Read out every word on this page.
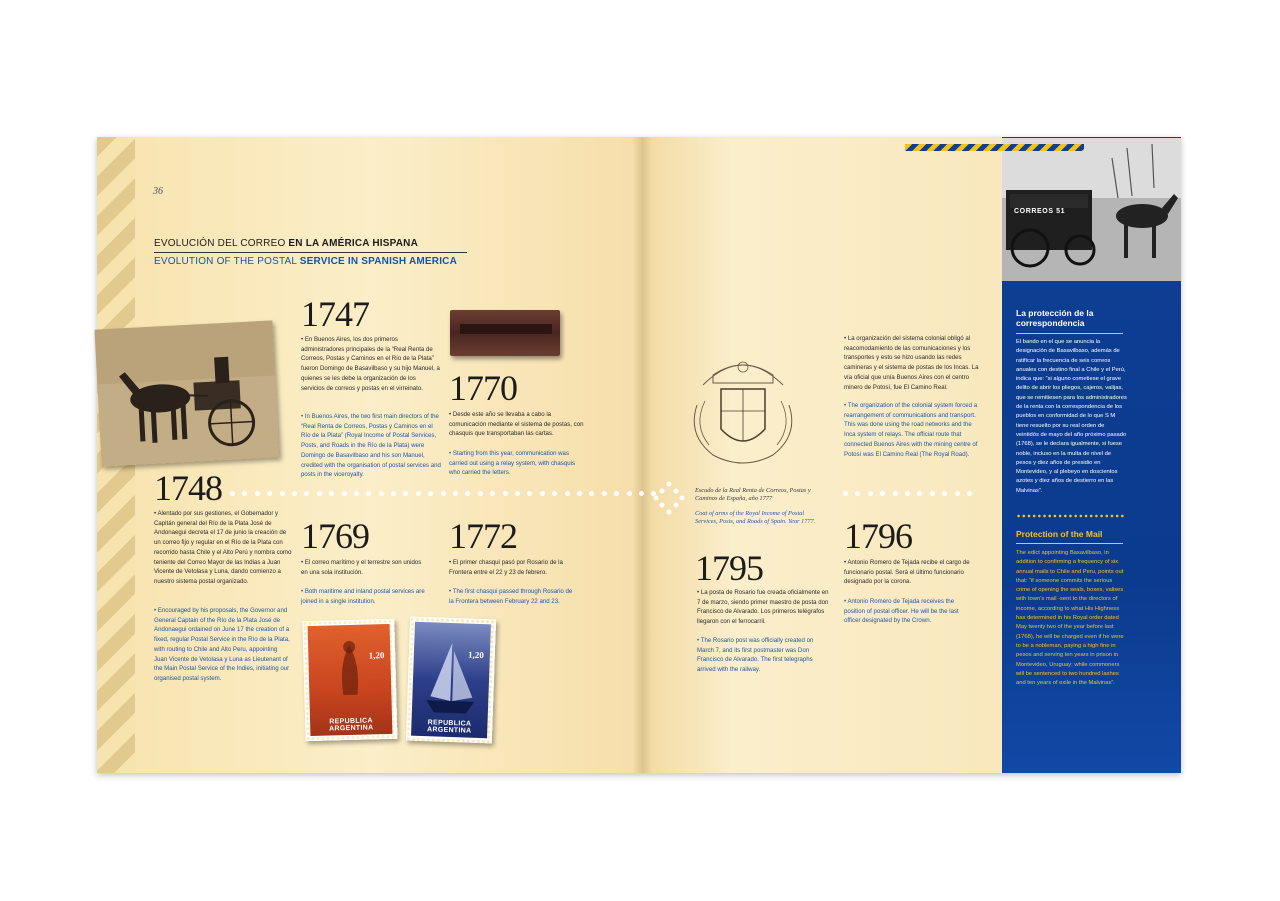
36
EVOLUCIÓN DEL CORREO EN LA AMÉRICA HISPANA
EVOLUTION OF THE POSTAL SERVICE IN SPANISH AMERICA
1747
• En Buenos Aires, los dos primeros administradores principales de la “Real Renta de Correos, Postas y Caminos en el Río de la Plata” fueron Domingo de Basavilbaso y su hijo Manuel, a quienes se les debe la organización de los servicios de correos y postas en el virreinato.
• In Buenos Aires, the two first main directors of the “Real Renta de Correos, Postas y Caminos en el Río de la Plata” (Royal Income of Postal Services, Posts, and Roads in the Río de la Plata) were Domingo de Basavilbaso and his son Manuel, credited with the organisation of postal services and posts in the viceroyalty.
1770
• Desde este año se llevaba a cabo la comunicación mediante el sistema de postas, con chasquis que transportaban las cartas.
• Starting from this year, communication was carried out using a relay system, with chasquis who carried the letters.
1748
• Alentado por sus gestiones, el Gobernador y Capitán general del Río de la Plata José de Andonaegui decreta el 17 de junio la creación de un correo fijo y regular en el Río de la Plata con recorrido hasta Chile y el Alto Perú y nombra como teniente del Correo Mayor de las Indias a Juan Vicente de Vetolasa y Luna, dando comienzo a nuestro sistema postal organizado.
• Encouraged by his proposals, the Governor and General Captain of the Río de la Plata José de Andonaegui ordained on June 17 the creation of a fixed, regular Postal Service in the Río de la Plata, with routing to Chile and Alto Peru, appointing Juan Vicente de Vetolasa y Luna as Lieutenant of the Main Postal Service of the Indies, initiating our organised postal system.
1769
• El correo marítimo y el terrestre son unidos en una sola institución.
• Both maritime and inland postal services are joined in a single institution.
1772
• El primer chasqui pasó por Rosario de la Frontera entre el 22 y 23 de febrero.
• The first chasqui passed through Rosario de la Frontera between February 22 and 23.
1,20
REPUBLICA ARGENTINA
1,20
REPUBLICA ARGENTINA
Escudo de la Real Renta de Correos, Postas y Caminos de España, año 1777
Coat of arms of the Royal Income of Postal Services, Posts, and Roads of Spain. Year 1777.
• La organización del sistema colonial obligó al reacomodamiento de las comunicaciones y los transportes y esto se hizo usando las redes camineras y el sistema de postas de los Incas. La vía oficial que unía Buenos Aires con el centro minero de Potosí, fue El Camino Real.
• The organization of the colonial system forced a rearrangement of communications and transport. This was done using the road networks and the Inca system of relays. The official route that connected Buenos Aires with the mining centre of Potosí was El Camino Real (The Royal Road).
1795
• La posta de Rosario fue creada oficialmente en 7 de marzo, siendo primer maestro de posta don Francisco de Alvarado. Los primeros telégrafos llegaron con el ferrocarril.
• The Rosario post was officially created on March 7, and its first postmaster was Don Francisco de Alvarado. The first telegraphs arrived with the railway.
1796
• Antonio Romero de Tejada recibe el cargo de funcionario postal. Será el último funcionario designado por la corona.
• Antonio Romero de Tejada receives the position of postal officer. He will be the last officer designated by the Crown.
CORREOS 51
La protección de la correspondencia
El bando en el que se anuncia la designación de Basavilbaso, además de ratificar la frecuencia de seis correos anuales con destino final a Chile y el Perú, indica que: “si alguno cometiese el grave delito de abrir los pliegos, cajeros, valijas, que se remitiesen para los administradores de la renta con la correspondencia de los pueblos en conformidad de lo que S M tiene resuelto por su real orden de veintidós de mayo del año próximo pasado (1768), se le declara igualmente, si fuese noble, incluso en la multa de nivel de pesos y diez años de presidio en Montevideo, y al plebeyo en doscientos azotes y diez años de destierro en las Malvinas”.
Protection of the Mail
The edict appointing Basavilbaso, in addition to confirming a frequency of six annual mails to Chile and Peru, points out that: “if someone commits the serious crime of opening the seals, boxes, valises with town’s mail -sent to the directors of income, according to what His Highness has determined in his Royal order dated May twenty two of the year before last (1768), he will be charged even if he were to be a nobleman, paying a high fine in pesos and serving ten years in prison in Montevideo, Uruguay; while commoners will be sentenced to two hundred lashes and ten years of exile in the Malvinas”.
